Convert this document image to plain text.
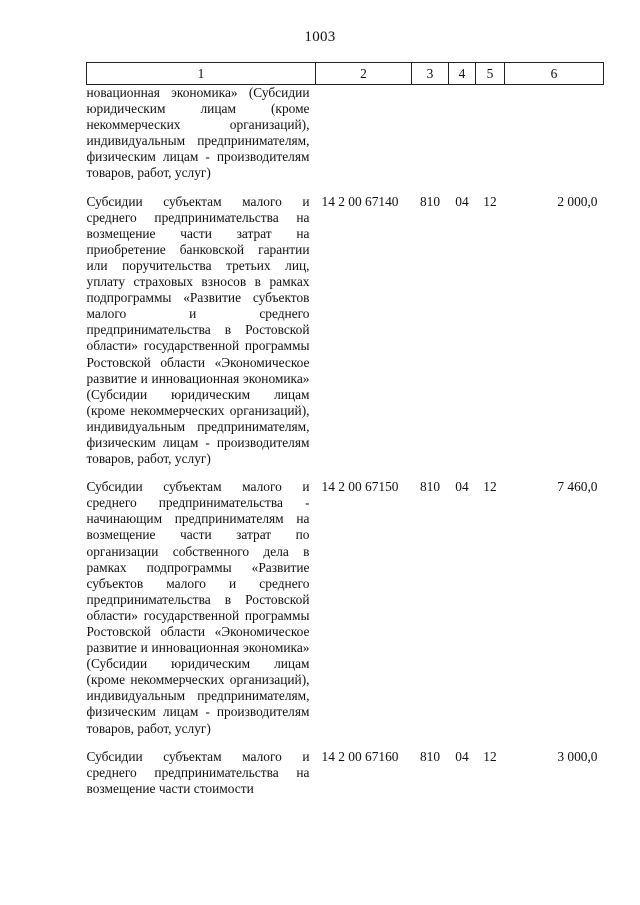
1003
1	2	3	4	5	6
новационная экономика» (Субсидии юридическим лицам (кроме некоммерческих организаций), индивидуальным предпринимателям, физическим лицам - производителям товаров, работ, услуг)					
Субсидии субъектам малого и среднего предпринимательства на возмещение части затрат на приобретение банковской гарантии или поручительства третьих лиц, уплату страховых взносов в рамках подпрограммы «Развитие субъектов малого и среднего предпринимательства в Ростовской области» государственной программы Ростовской области «Экономическое развитие и инновационная экономика» (Субсидии юридическим лицам (кроме некоммерческих организаций), индивидуальным предпринимателям, физическим лицам - производителям товаров, работ, услуг)	14 2 00 67140	810	04	12	2 000,0
Субсидии субъектам малого и среднего предпринимательства - начинающим предпринимателям на возмещение части затрат по организации собственного дела в рамках подпрограммы «Развитие субъектов малого и среднего предпринимательства в Ростовской области» государственной программы Ростовской области «Экономическое развитие и инновационная экономика» (Субсидии юридическим лицам (кроме некоммерческих организаций), индивидуальным предпринимателям, физическим лицам - производителям товаров, работ, услуг)	14 2 00 67150	810	04	12	7 460,0
Субсидии субъектам малого и среднего предпринимательства на возмещение части стоимости	14 2 00 67160	810	04	12	3 000,0
